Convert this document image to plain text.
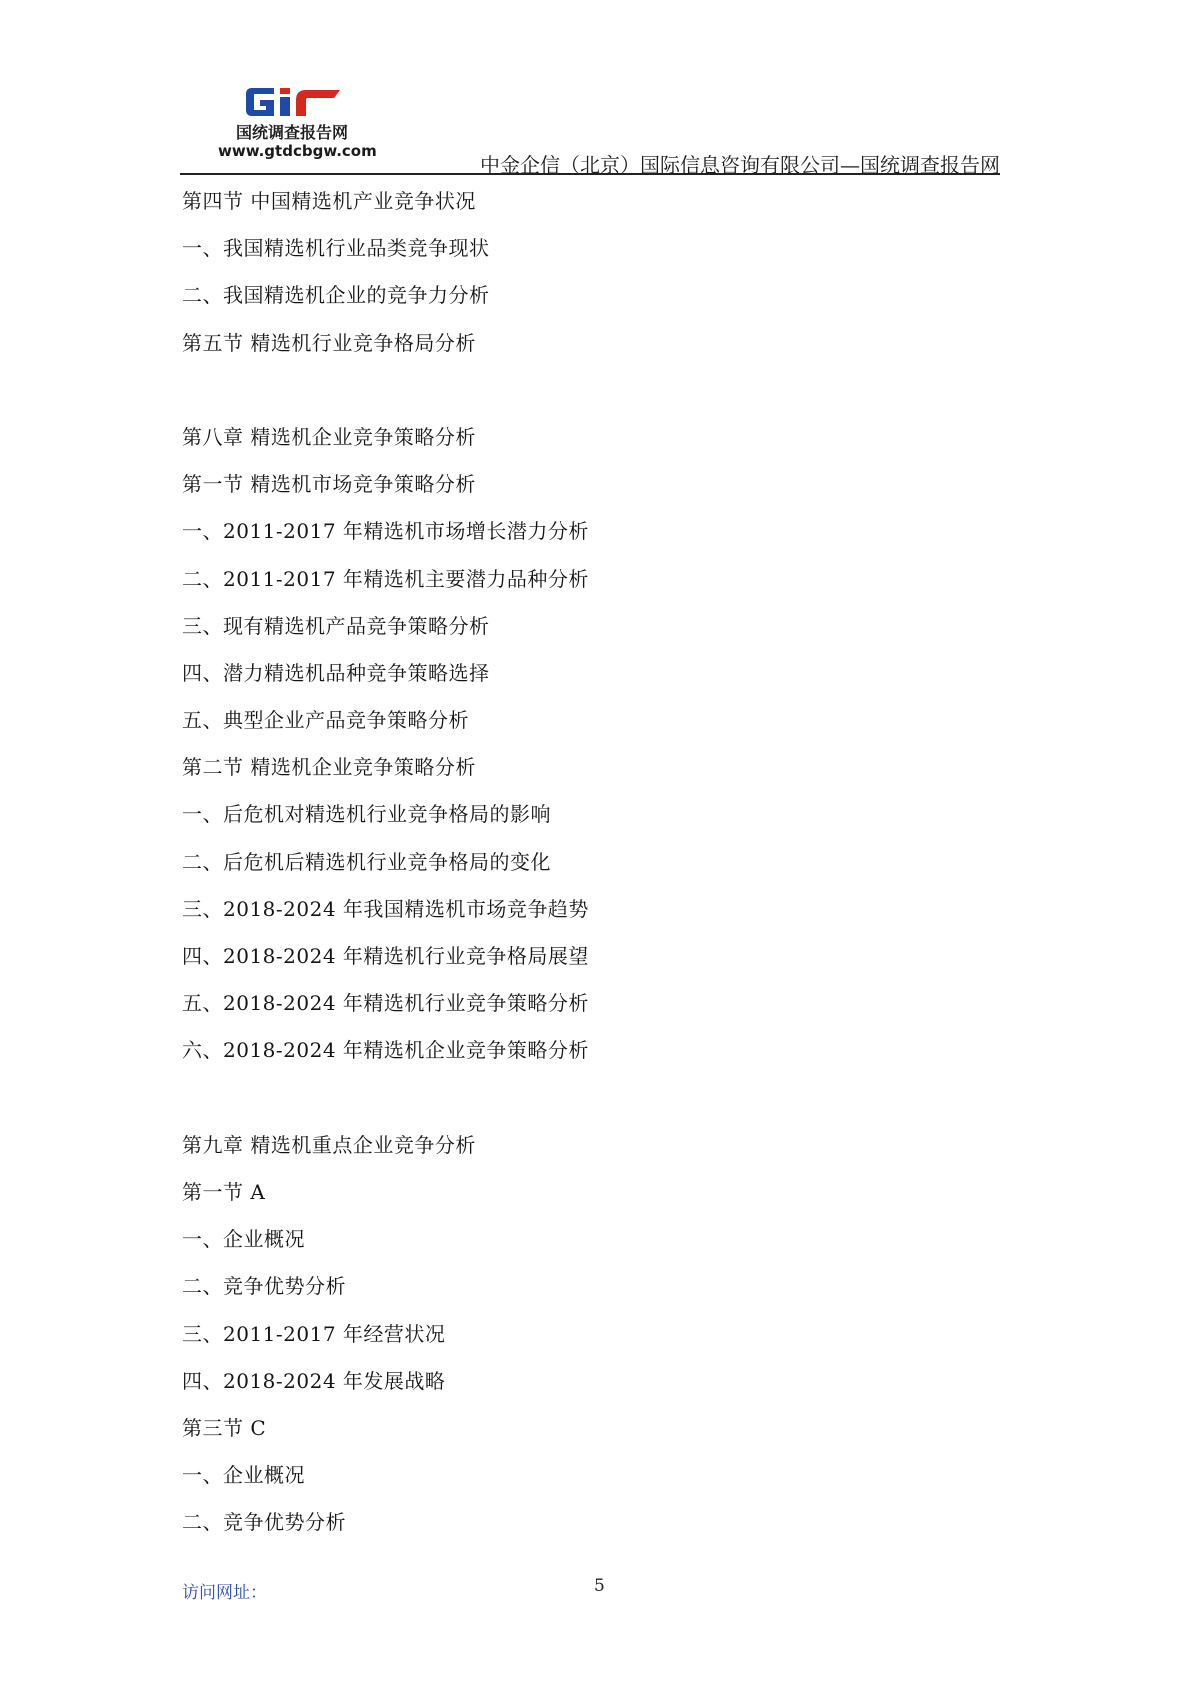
国统调查报告网
www.gtdcbgw.com
中金企信（北京）国际信息咨询有限公司—国统调查报告网
第四节 中国精选机产业竞争状况
一、我国精选机行业品类竞争现状
二、我国精选机企业的竞争力分析
第五节 精选机行业竞争格局分析
第八章 精选机企业竞争策略分析
第一节 精选机市场竞争策略分析
一、2011-2017 年精选机市场增长潜力分析
二、2011-2017 年精选机主要潜力品种分析
三、现有精选机产品竞争策略分析
四、潜力精选机品种竞争策略选择
五、典型企业产品竞争策略分析
第二节 精选机企业竞争策略分析
一、后危机对精选机行业竞争格局的影响
二、后危机后精选机行业竞争格局的变化
三、2018-2024 年我国精选机市场竞争趋势
四、2018-2024 年精选机行业竞争格局展望
五、2018-2024 年精选机行业竞争策略分析
六、2018-2024 年精选机企业竞争策略分析
第九章 精选机重点企业竞争分析
第一节 A
一、企业概况
二、竞争优势分析
三、2011-2017 年经营状况
四、2018-2024 年发展战略
第三节 C
一、企业概况
二、竞争优势分析
访问网址：	5
